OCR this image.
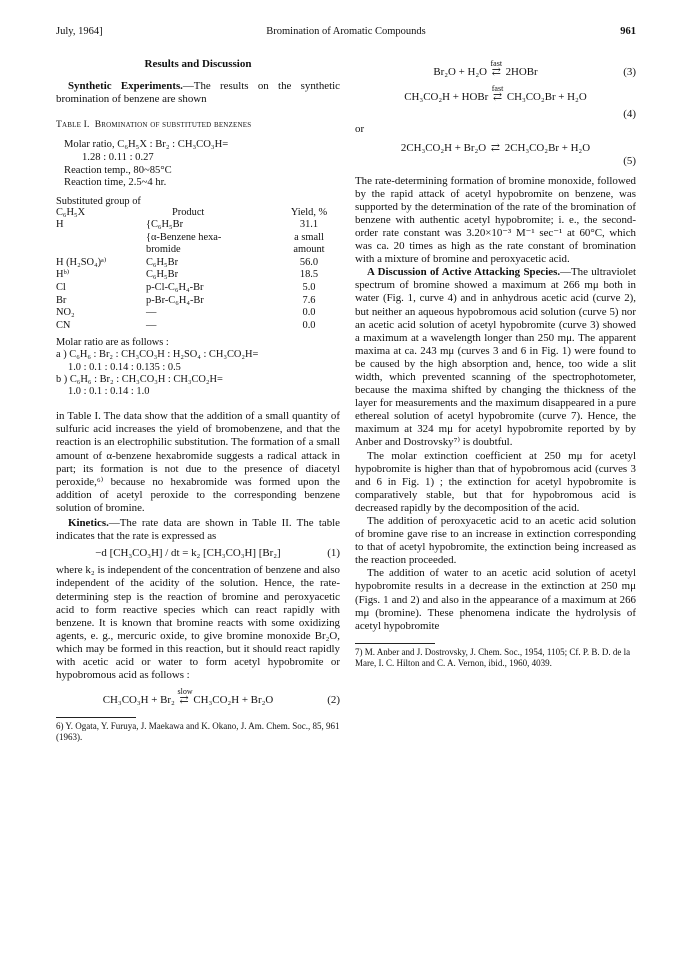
July, 1964]	Bromination of Aromatic Compounds	961
Results and Discussion

Synthetic Experiments.—The results on the synthetic bromination of benzene are shown

Table I. Bromination of substituted benzenes
Molar ratio, C₆H₅X : Br₂ : CH₃CO₃H=
1.28 : 0.11 : 0.27
Reaction temp., 80~85°C
Reaction time, 2.5~4 hr.
Substituted group of C₆H₅X	Product	Yield, %
H	{C₆H₅Br	31.1
	{α-Benzene hexa-	a small
	bromide	amount
H (H₂SO₄)ᵃ⁾	C₆H₅Br	56.0
Hᵇ⁾	C₆H₅Br	18.5
Cl	p-Cl-C₆H₄-Br	5.0
Br	p-Br-C₆H₄-Br	7.6
NO₂	—	0.0
CN	—	0.0
Molar ratio are as follows :
a ) C₆H₆ : Br₂ : CH₃CO₃H : H₂SO₄ : CH₃CO₂H=
1.0 : 0.1 : 0.14 : 0.135 : 0.5
b ) C₆H₆ : Br₂ : CH₃CO₃H : CH₃CO₂H=
1.0 : 0.1 : 0.14 : 1.0

in Table I. The data show that the addition of a small quantity of sulfuric acid increases the yield of bromobenzene, and that the reaction is an electrophilic substitution. The formation of a small amount of α-benzene hexabromide suggests a radical attack in part; its formation is not due to the presence of diacetyl peroxide,⁶⁾ because no hexabromide was formed upon the addition of acetyl peroxide to the corresponding benzene solution of bromine.

Kinetics.—The rate data are shown in Table II. The table indicates that the rate is expressed as

−d [CH₃CO₃H] / dt = k₂ [CH₃CO₃H] [Br₂]	(1)

where k₂ is independent of the concentration of benzene and also independent of the acidity of the solution. Hence, the rate-determining step is the reaction of bromine and peroxyacetic acid to form reactive species which can react rapidly with benzene. It is known that bromine reacts with some oxidizing agents, e. g., mercuric oxide, to give bromine monoxide Br₂O, which may be formed in this reaction, but it should react rapidly with acetic acid or water to form acetyl hypobromite or hypobromous acid as follows :

CH₃CO₃H + Br₂
slow
⇄ CH₃CO₂H + Br₂O	(2)
6) Y. Ogata, Y. Furuya, J. Maekawa and K. Okano, J. Am. Chem. Soc., 85, 961 (1963).
Br₂O + H₂O
fast
⇄ 2HOBr	(3)
CH₃CO₂H + HOBr
fast
⇄ CH₃CO₂Br + H₂O
(4)
or
2CH₃CO₂H + Br₂O ⇄ 2CH₃CO₂Br + H₂O
(5)

The rate-determining formation of bromine monoxide, followed by the rapid attack of acetyl hypobromite on benzene, was supported by the determination of the rate of the bromination of benzene with authentic acetyl hypobromite; i. e., the second-order rate constant was 3.20×10⁻³ M⁻¹ sec⁻¹ at 60°C, which was ca. 20 times as high as the rate constant of bromination with a mixture of bromine and peroxyacetic acid.

A Discussion of Active Attacking Species.—The ultraviolet spectrum of bromine showed a maximum at 266 mμ both in water (Fig. 1, curve 4) and in anhydrous acetic acid (curve 2), but neither an aqueous hypobromous acid solution (curve 5) nor an acetic acid solution of acetyl hypobromite (curve 3) showed a maximum at a wavelength longer than 250 mμ. The apparent maxima at ca. 243 mμ (curves 3 and 6 in Fig. 1) were found to be caused by the high absorption and, hence, too wide a slit width, which prevented scanning of the spectrophotometer, because the maxima shifted by changing the thickness of the layer for measurements and the maximum disappeared in a pure ethereal solution of acetyl hypobromite (curve 7). Hence, the maximum at 324 mμ for acetyl hypobromite reported by by Anber and Dostrovsky⁷⁾ is doubtful.

The molar extinction coefficient at 250 mμ for acetyl hypobromite is higher than that of hypobromous acid (curves 3 and 6 in Fig. 1) ; the extinction for acetyl hypobromite is comparatively stable, but that for hypobromous acid is decreased rapidly by the decomposition of the acid.

The addition of peroxyacetic acid to an acetic acid solution of bromine gave rise to an increase in extinction corresponding to that of acetyl hypobromite, the extinction being increased as the reaction proceeded.

The addition of water to an acetic acid solution of acetyl hypobromite results in a decrease in the extinction at 250 mμ (Figs. 1 and 2) and also in the appearance of a maximum at 266 mμ (bromine). These phenomena indicate the hydrolysis of acetyl hypobromite

7) M. Anber and J. Dostrovsky, J. Chem. Soc., 1954, 1105; Cf. P. B. D. de la Mare, I. C. Hilton and C. A. Vernon, ibid., 1960, 4039.
